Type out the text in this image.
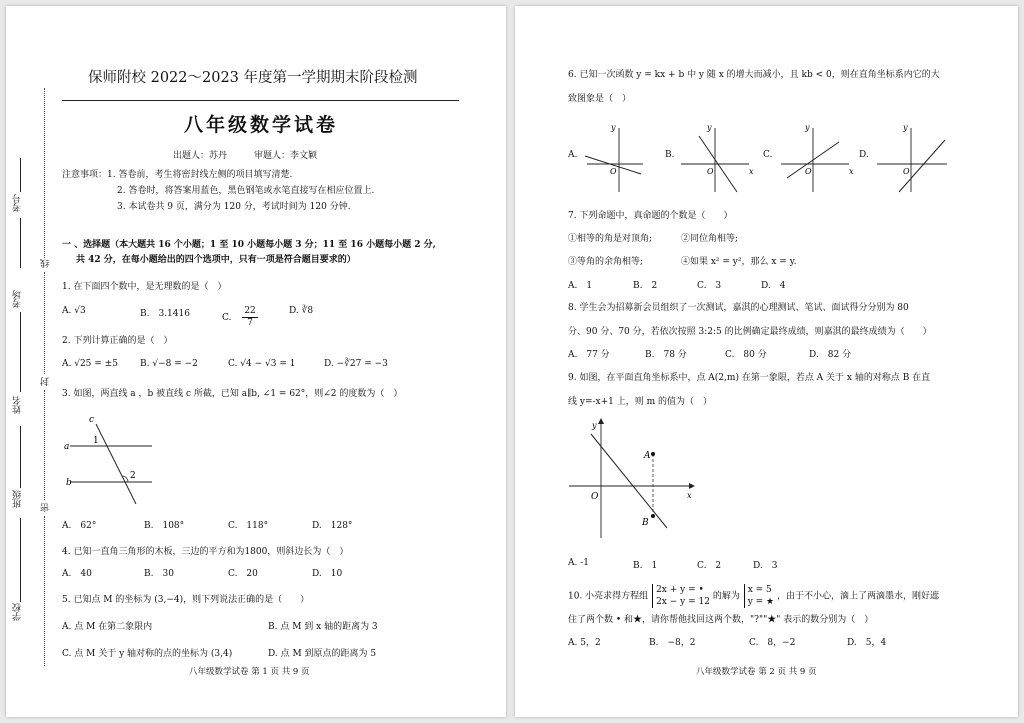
考号
考场
姓名
班级
学校
线
封
密
保师附校 2022～2023 年度第一学期期末阶段检测
八年级数学试卷
出题人：苏丹　　　审题人：李文颖
注意事项：1. 答卷前，考生将密封线左侧的项目填写清楚.
2. 答卷时，将答案用蓝色，黑色钢笔或水笔直接写在相应位置上.
3. 本试卷共 9 页，满分为 120 分，考试时间为 120 分钟.
一 、选择题（本大题共 16 个小题；1 至 10 小题每小题 3 分；11 至 16 小题每小题 2 分,
共 42 分，在每小题给出的四个选项中，只有一项是符合题目要求的）
1. 在下面四个数中，是无理数的是（　）
A. √3	B.　3.1416	C. $\frac{22}{7}$	D. ∛8
2. 下列计算正确的是（　）
A. √25 = ±5 B. √−8 = −2	C. √4 − √3 = 1	D. −∛27 = −3
3. 如图，两直线 a ，b 被直线 c 所截，已知 a∥b, ∠1 = 62°，则∠2 的度数为（　）
a
b
c
1
2
A.　62°	B.　108°	C.　118°	D.　128°
4. 已知一直角三角形的木板，三边的平方和为1800，则斜边长为（　）
A.　40	B.　30	C.　20	D.　10
5. 已知点 M 的坐标为 (3,−4)，则下列说法正确的是（　　）
A. 点 M 在第二象限内	B. 点 M 到 x 轴的距离为 3
C. 点 M 关于 y 轴对称的点的坐标为 (3,4)	D. 点 M 到原点的距离为 5
八年级数学试卷 第 1 页 共 9 页
6. 已知一次函数 y = kx + b 中 y 随 x 的增大而减小，且 kb < 0，则在直角坐标系内它的大
致图象是（　）
A.
y
O
B.
y
O	x
C.
y
O	x
D.
y
O
7. 下列命题中，真命题的个数是（　　）
①相等的角是对顶角;	②同位角相等;
③等角的余角相等;	④如果 x² = y²，那么 x = y.
A.　1	B.　2	C.　3	D.　4
8. 学生会为招募新会员组织了一次测试，嘉淇的心理测试、笔试、面试得分分别为 80
分、90 分、70 分，若依次按照 3:2:5 的比例确定最终成绩，则嘉淇的最终成绩为（　　）
A.　77 分	B.　78 分	C.　80 分	D.　82 分
9. 如图，在平面直角坐标系中，点 A(2,m) 在第一象限，若点 A 关于 x 轴的对称点 B 在直
线 y=-x+1 上，则 m 的值为（　）
y
x
O
A
B
A. -1	B.　1	C.　2	D.　3
10. 小亮求得方程组
2x + y = •
2x − y = 12
的解为
x = 5
y = ★
，由于不小心，滴上了两滴墨水，刚好遮
住了两个数 • 和★，请你帮他找回这两个数，"?""★" 表示的数分别为（　）
A. 5，2	B.　−8，2	C.　8，−2	D.　5，4
八年级数学试卷 第 2 页 共 9 页
